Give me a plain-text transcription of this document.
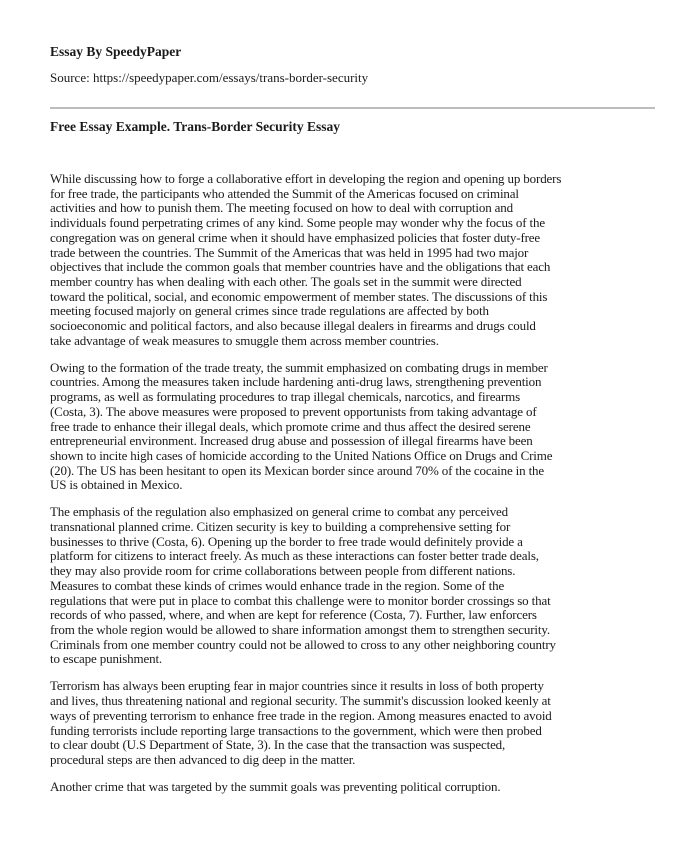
Essay By SpeedyPaper
Source: https://speedypaper.com/essays/trans-border-security
Free Essay Example. Trans-Border Security Essay

While discussing how to forge a collaborative effort in developing the region and opening up borders
for free trade, the participants who attended the Summit of the Americas focused on criminal
activities and how to punish them. The meeting focused on how to deal with corruption and
individuals found perpetrating crimes of any kind. Some people may wonder why the focus of the
congregation was on general crime when it should have emphasized policies that foster duty-free
trade between the countries. The Summit of the Americas that was held in 1995 had two major
objectives that include the common goals that member countries have and the obligations that each
member country has when dealing with each other. The goals set in the summit were directed
toward the political, social, and economic empowerment of member states. The discussions of this
meeting focused majorly on general crimes since trade regulations are affected by both
socioeconomic and political factors, and also because illegal dealers in firearms and drugs could
take advantage of weak measures to smuggle them across member countries.

Owing to the formation of the trade treaty, the summit emphasized on combating drugs in member
countries. Among the measures taken include hardening anti-drug laws, strengthening prevention
programs, as well as formulating procedures to trap illegal chemicals, narcotics, and firearms
(Costa, 3). The above measures were proposed to prevent opportunists from taking advantage of
free trade to enhance their illegal deals, which promote crime and thus affect the desired serene
entrepreneurial environment. Increased drug abuse and possession of illegal firearms have been
shown to incite high cases of homicide according to the United Nations Office on Drugs and Crime
(20). The US has been hesitant to open its Mexican border since around 70% of the cocaine in the
US is obtained in Mexico.

The emphasis of the regulation also emphasized on general crime to combat any perceived
transnational planned crime. Citizen security is key to building a comprehensive setting for
businesses to thrive (Costa, 6). Opening up the border to free trade would definitely provide a
platform for citizens to interact freely. As much as these interactions can foster better trade deals,
they may also provide room for crime collaborations between people from different nations.
Measures to combat these kinds of crimes would enhance trade in the region. Some of the
regulations that were put in place to combat this challenge were to monitor border crossings so that
records of who passed, where, and when are kept for reference (Costa, 7). Further, law enforcers
from the whole region would be allowed to share information amongst them to strengthen security.
Criminals from one member country could not be allowed to cross to any other neighboring country
to escape punishment.

Terrorism has always been erupting fear in major countries since it results in loss of both property
and lives, thus threatening national and regional security. The summit's discussion looked keenly at
ways of preventing terrorism to enhance free trade in the region. Among measures enacted to avoid
funding terrorists include reporting large transactions to the government, which were then probed
to clear doubt (U.S Department of State, 3). In the case that the transaction was suspected,
procedural steps are then advanced to dig deep in the matter.

Another crime that was targeted by the summit goals was preventing political corruption.
